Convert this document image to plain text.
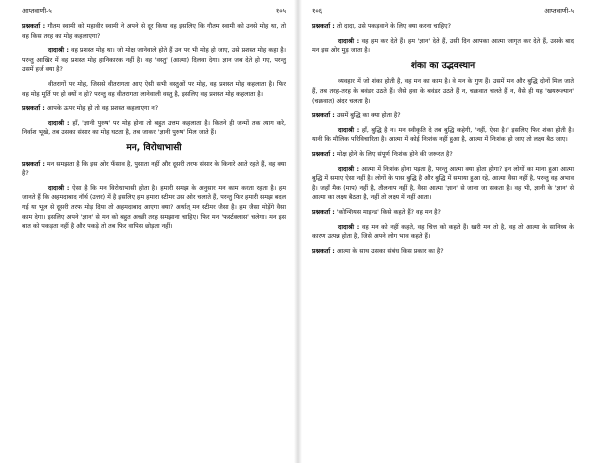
आप्तवाणी-५	१०५

प्रश्नकर्ता : गौतम स्वामी को महावीर स्वामी ने अपने से दूर किया वह इसलिए कि गौतम स्वामी को उनसे मोह था, तो वह किस तरह का मोह कहलाएगा?

दादाश्री : वह प्रशस्त मोह था। जो मोक्ष जानेवाले होते हैं उन पर भी मोह हो जाए, उसे प्रशस्त मोह कहा है। परन्तु आखिर में वह प्रशस्त मोह हानिकारक नहीं है। वह 'वस्तु' (आत्मा) दिलवा देगा। ज्ञान जब देते हो गए, परन्तु उसमें हर्ज क्या है?

वीतरागों पर मोह, जिससे वीतरागता आए ऐसी सभी वस्तुओं पर मोह, वह प्रशस्त मोह कहलाता है। फिर वह मोह मूर्ति पर हो क्यों न हो? परन्तु वह वीतरागता लानेवाली वस्तु है, इसलिए वह प्रशस्त मोह कहलाता है।

प्रश्नकर्ता : आपके ऊपर मोह हो तो वह प्रशस्त कहलाएगा न?

दादाश्री : हाँ, 'ज्ञानी पुरुष' पर मोह होना तो बहुत उत्तम कहलाता है। कितने ही जन्मों तक त्याग करे, निर्वाश भूखे, तब उसका संसार का मोह घटता है, तब जाकर 'ज्ञानी पुरुष' मिल जाते हैं।

मन, विरोधाभासी

प्रश्नकर्ता : मन समझता है कि इस ओर फँसाव है, पुसाता नहीं और दूसरी तरफ संसार के किनारे आते रहते हैं, वह क्या है?

दादाश्री : ऐसा है कि मन विरोधाभासी होता है। हमारी समझ के अनुसार मन काम करता रहता है। हम जानते हैं कि अहमदाबाद नॉर्थ (उत्तर) में है इसलिए हम हमारा स्टीमर उस ओर चलाते हैं, परन्तु फिर हमारी समझ बदल गई या भूल से दूसरी तरफ मोड़ दिया तो अहमदाबाद आएगा क्या? अर्थात् मन स्टीमर जैसा है। हम जैसा मोड़ेंगे वैसा काम देगा। इसलिए अपने 'ज्ञान' से मन को बहुत अच्छी तरह समझाना चाहिए। फिर मन 'फर्स्टक्लास' चलेगा। मन इस बात को पकड़ता नहीं है और पकड़े तो तब फिर वापिस छोड़ता नहीं।

१०६	आप्तवाणी-५

प्रश्नकर्ता : तो दादा, उसे पकड़वाने के लिए क्या करना चाहिए?

दादाश्री : वह हम कर देते हैं। हम 'ज्ञान' देते हैं, उसी दिन आपका आत्मा जागृत कर देते हैं, उसके बाद मन इस ओर मुड़ जाता है।

शंका का उद्भवस्थान

व्यवहार में जो शंका होती है, वह मन का काम है। वे मन के गुण हैं। उसमें मन और बुद्धि दोनों मिल जाते हैं, तब तरह-तरह के बवंडर उठते हैं। जैसे हवा के बवंडर उठते हैं न, चक्रवात चलते हैं न, वैसे ही यह 'खयरूल्यान' (चक्रवात) अंदर चलता है।

प्रश्नकर्ता : उसमें बुद्धि का क्या होता है?

दादाश्री : हाँ, बुद्धि है न। मन स्वीकृति दे तब बुद्धि कहेगी, 'नहीं, ऐसा है।' इसलिए फिर शंका होती है। यानी कि मौलिक परिविचारिता है। आत्मा में कोई निःशंक नहीं हुआ है, आत्मा में निःशंक हो जाए तो लक्ष्य बैठ जाए।

प्रश्नकर्ता : मोक्ष होने के लिए संपूर्ण निःशंक होने की जरूरत है?

दादाश्री : आत्मा में निःशंक होना पड़ता है, परन्तु आत्मा क्या होता होगा? इन लोगों का माना हुआ आत्मा बुद्धि में समाए ऐसा नहीं है। लोगों के पास बुद्धि है और बुद्धि में समाया हुआ रहे, आत्मा वैसा नहीं है, परन्तु वह अभाव है। जहाँ मैक (माप) नहीं है, तौलनाप नहीं है, वैसा आत्मा 'ज्ञान' से जाना जा सकता है। वह भी, ज्ञानी के 'ज्ञान' से आत्मा का लक्ष्य बैठता है, नहीं तो लक्ष्य में नहीं आता।

प्रश्नकर्ता : 'कोन्शियस माइन्ड' किसे कहते हैं? वह मन है?

दादाश्री : वह मन को नहीं कहते, वह चित्त को कहते हैं। खरी मन तो है, वह तो आत्मा के सानिध्य के कारण उत्पन्न होता है, जिसे अपने लोग भाव कहते हैं।

प्रश्नकर्ता : आत्मा के साथ उसका संबंध किस प्रकार का है?
